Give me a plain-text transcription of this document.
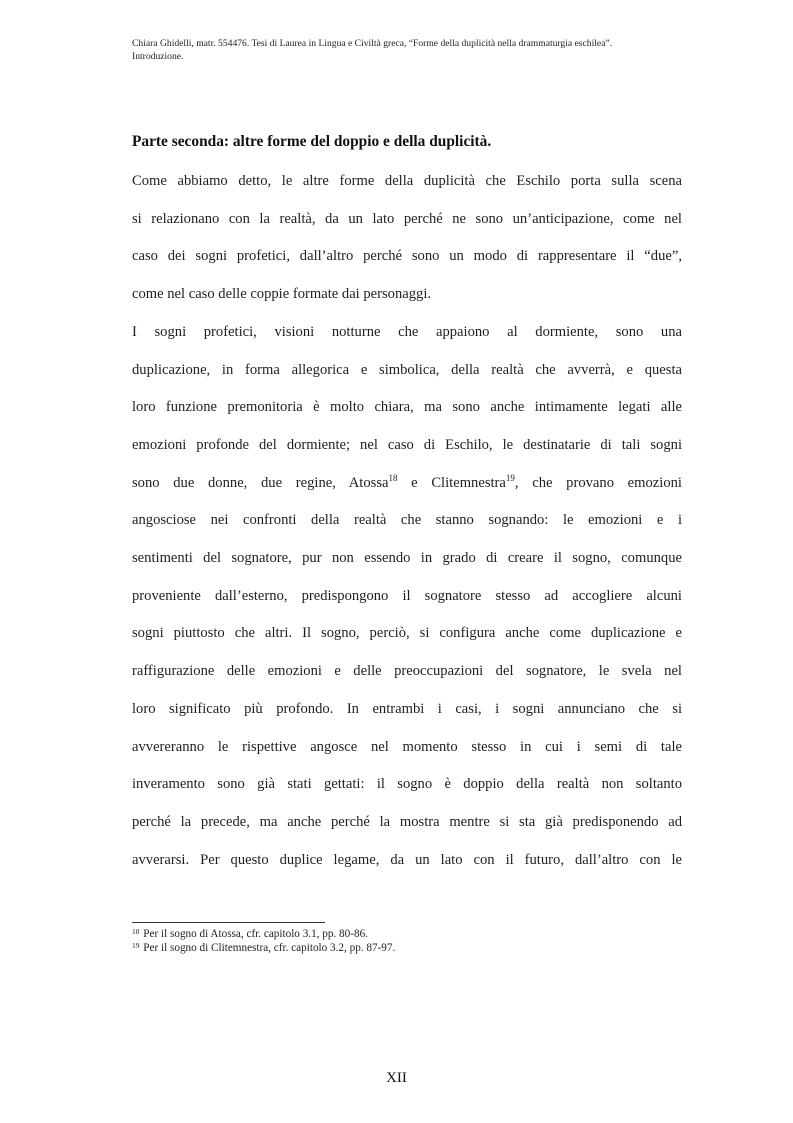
Chiara Ghidelli, matr. 554476. Tesi di Laurea in Lingua e Civiltà greca, “Forme della duplicità nella drammaturgia eschilea”.
Introduzione.
Parte seconda: altre forme del doppio e della duplicità.
Come abbiamo detto, le altre forme della duplicità che Eschilo porta sulla scena
si relazionano con la realtà, da un lato perché ne sono un’anticipazione, come nel
caso dei sogni profetici, dall’altro perché sono un modo di rappresentare il “due”,
come nel caso delle coppie formate dai personaggi.
I sogni profetici, visioni notturne che appaiono al dormiente, sono una
duplicazione, in forma allegorica e simbolica, della realtà che avverrà, e questa
loro funzione premonitoria è molto chiara, ma sono anche intimamente legati alle
emozioni profonde del dormiente; nel caso di Eschilo, le destinatarie di tali sogni
sono due donne, due regine, Atossa$^{18}$ e Clitemnestra$^{19}$, che provano emozioni
angosciose nei confronti della realtà che stanno sognando: le emozioni e i
sentimenti del sognatore, pur non essendo in grado di creare il sogno, comunque
proveniente dall’esterno, predispongono il sognatore stesso ad accogliere alcuni
sogni piuttosto che altri. Il sogno, perciò, si configura anche come duplicazione e
raffigurazione delle emozioni e delle preoccupazioni del sognatore, le svela nel
loro significato più profondo. In entrambi i casi, i sogni annunciano che si
avvereranno le rispettive angosce nel momento stesso in cui i semi di tale
inveramento sono già stati gettati: il sogno è doppio della realtà non soltanto
perché la precede, ma anche perché la mostra mentre si sta già predisponendo ad
avverarsi. Per questo duplice legame, da un lato con il futuro, dall’altro con le
$^{18}$ Per il sogno di Atossa, cfr. capitolo 3.1, pp. 80-86.
$^{19}$ Per il sogno di Clitemnestra, cfr. capitolo 3.2, pp. 87-97.
XII
